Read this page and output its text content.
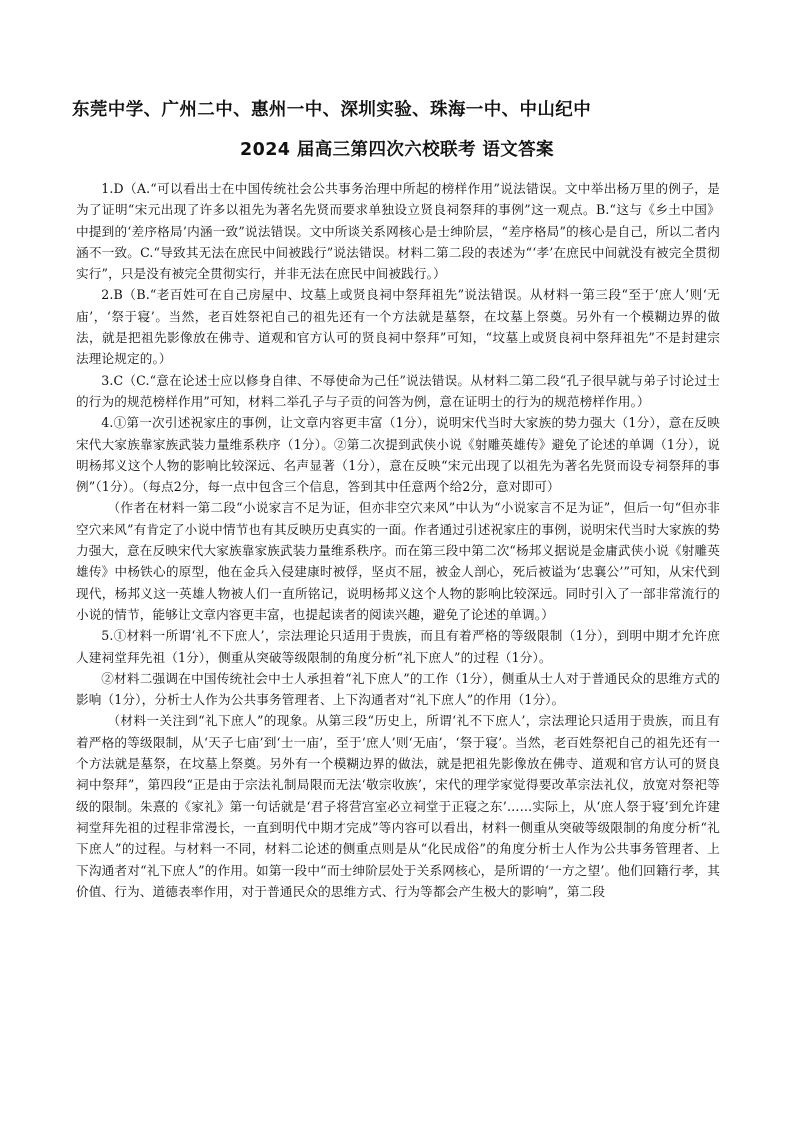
东莞中学、广州二中、惠州一中、深圳实验、珠海一中、中山纪中
2024 届高三第四次六校联考 语文答案

1.D（A.“可以看出士在中国传统社会公共事务治理中所起的榜样作用”说法错误。文中举出杨万里的例子，是为了证明“宋元出现了许多以祖先为著名先贤而要求单独设立贤良祠祭拜的事例”这一观点。B.“这与《乡土中国》中提到的‘差序格局’内涵一致”说法错误。文中所谈关系网核心是士绅阶层，“差序格局”的核心是自己，所以二者内涵不一致。C.“导致其无法在庶民中间被践行”说法错误。材料二第二段的表述为“‘孝’在庶民中间就没有被完全贯彻实行”，只是没有被完全贯彻实行，并非无法在庶民中间被践行。）

2.B（B.“老百姓可在自己房屋中、坟墓上或贤良祠中祭拜祖先”说法错误。从材料一第三段“至于‘庶人’则‘无庙’，‘祭于寝’。当然，老百姓祭祀自己的祖先还有一个方法就是墓祭，在坟墓上祭奠。另外有一个模糊边界的做法，就是把祖先影像放在佛寺、道观和官方认可的贤良祠中祭拜”可知，“坟墓上或贤良祠中祭拜祖先”不是封建宗法理论规定的。）

3.C（C.“意在论述士应以修身自律、不辱使命为己任”说法错误。从材料二第二段“孔子很早就与弟子讨论过士的行为的规范榜样作用”可知，材料二举孔子与子贡的问答为例，意在证明士的行为的规范榜样作用。）

4.①第一次引述祝家庄的事例，让文章内容更丰富（1分），说明宋代当时大家族的势力强大（1分），意在反映宋代大家族靠家族武装力量维系秩序（1分）。②第二次提到武侠小说《射雕英雄传》避免了论述的单调（1分），说明杨邦义这个人物的影响比较深远、名声显著（1分），意在反映“宋元出现了以祖先为著名先贤而设专祠祭拜的事例”（1分）。（每点2分，每一点中包含三个信息，答到其中任意两个给2分，意对即可）

（作者在材料一第二段“小说家言不足为证，但亦非空穴来风”中认为“小说家言不足为证”，但后一句“但亦非空穴来风”有肯定了小说中情节也有其反映历史真实的一面。作者通过引述祝家庄的事例，说明宋代当时大家族的势力强大，意在反映宋代大家族靠家族武装力量维系秩序。而在第三段中第二次“杨邦义据说是金庸武侠小说《射雕英雄传》中杨铁心的原型，他在金兵入侵建康时被俘，坚贞不屈，被金人剖心，死后被谥为‘忠襄公’”可知，从宋代到现代，杨邦义这一英雄人物被人们一直所铭记，说明杨邦义这个人物的影响比较深远。同时引入了一部非常流行的小说的情节，能够让文章内容更丰富，也提起读者的阅读兴趣，避免了论述的单调。）

5.①材料一所谓‘礼不下庶人’，宗法理论只适用于贵族，而且有着严格的等级限制（1分），到明中期才允许庶人建祠堂拜先祖（1分），侧重从突破等级限制的角度分析“礼下庶人”的过程（1分）。

②材料二强调在中国传统社会中士人承担着“礼下庶人”的工作（1分），侧重从士人对于普通民众的思维方式的影响（1分），分析士人作为公共事务管理者、上下沟通者对“礼下庶人”的作用（1分）。

（材料一关注到“礼下庶人”的现象。从第三段“历史上，所谓‘礼不下庶人’，宗法理论只适用于贵族，而且有着严格的等级限制，从‘天子七庙’到‘士一庙’，至于‘庶人’则‘无庙’，‘祭于寝’。当然，老百姓祭祀自己的祖先还有一个方法就是墓祭，在坟墓上祭奠。另外有一个模糊边界的做法，就是把祖先影像放在佛寺、道观和官方认可的贤良祠中祭拜”，第四段“正是由于宗法礼制局限而无法‘敬宗收族’，宋代的理学家觉得要改革宗法礼仪，放宽对祭祀等级的限制。朱熹的《家礼》第一句话就是‘君子将营宫室必立祠堂于正寝之东’……实际上，从‘庶人祭于寝’到允许建祠堂拜先祖的过程非常漫长，一直到明代中期才完成”等内容可以看出，材料一侧重从突破等级限制的角度分析“礼下庶人”的过程。与材料一不同，材料二论述的侧重点则是从“化民成俗”的角度分析士人作为公共事务管理者、上下沟通者对“礼下庶人”的作用。如第一段中“而士绅阶层处于关系网核心，是所谓的‘一方之望’。他们回籍行孝，其价值、行为、道德表率作用，对于普通民众的思维方式、行为等都会产生极大的影响”，第二段
